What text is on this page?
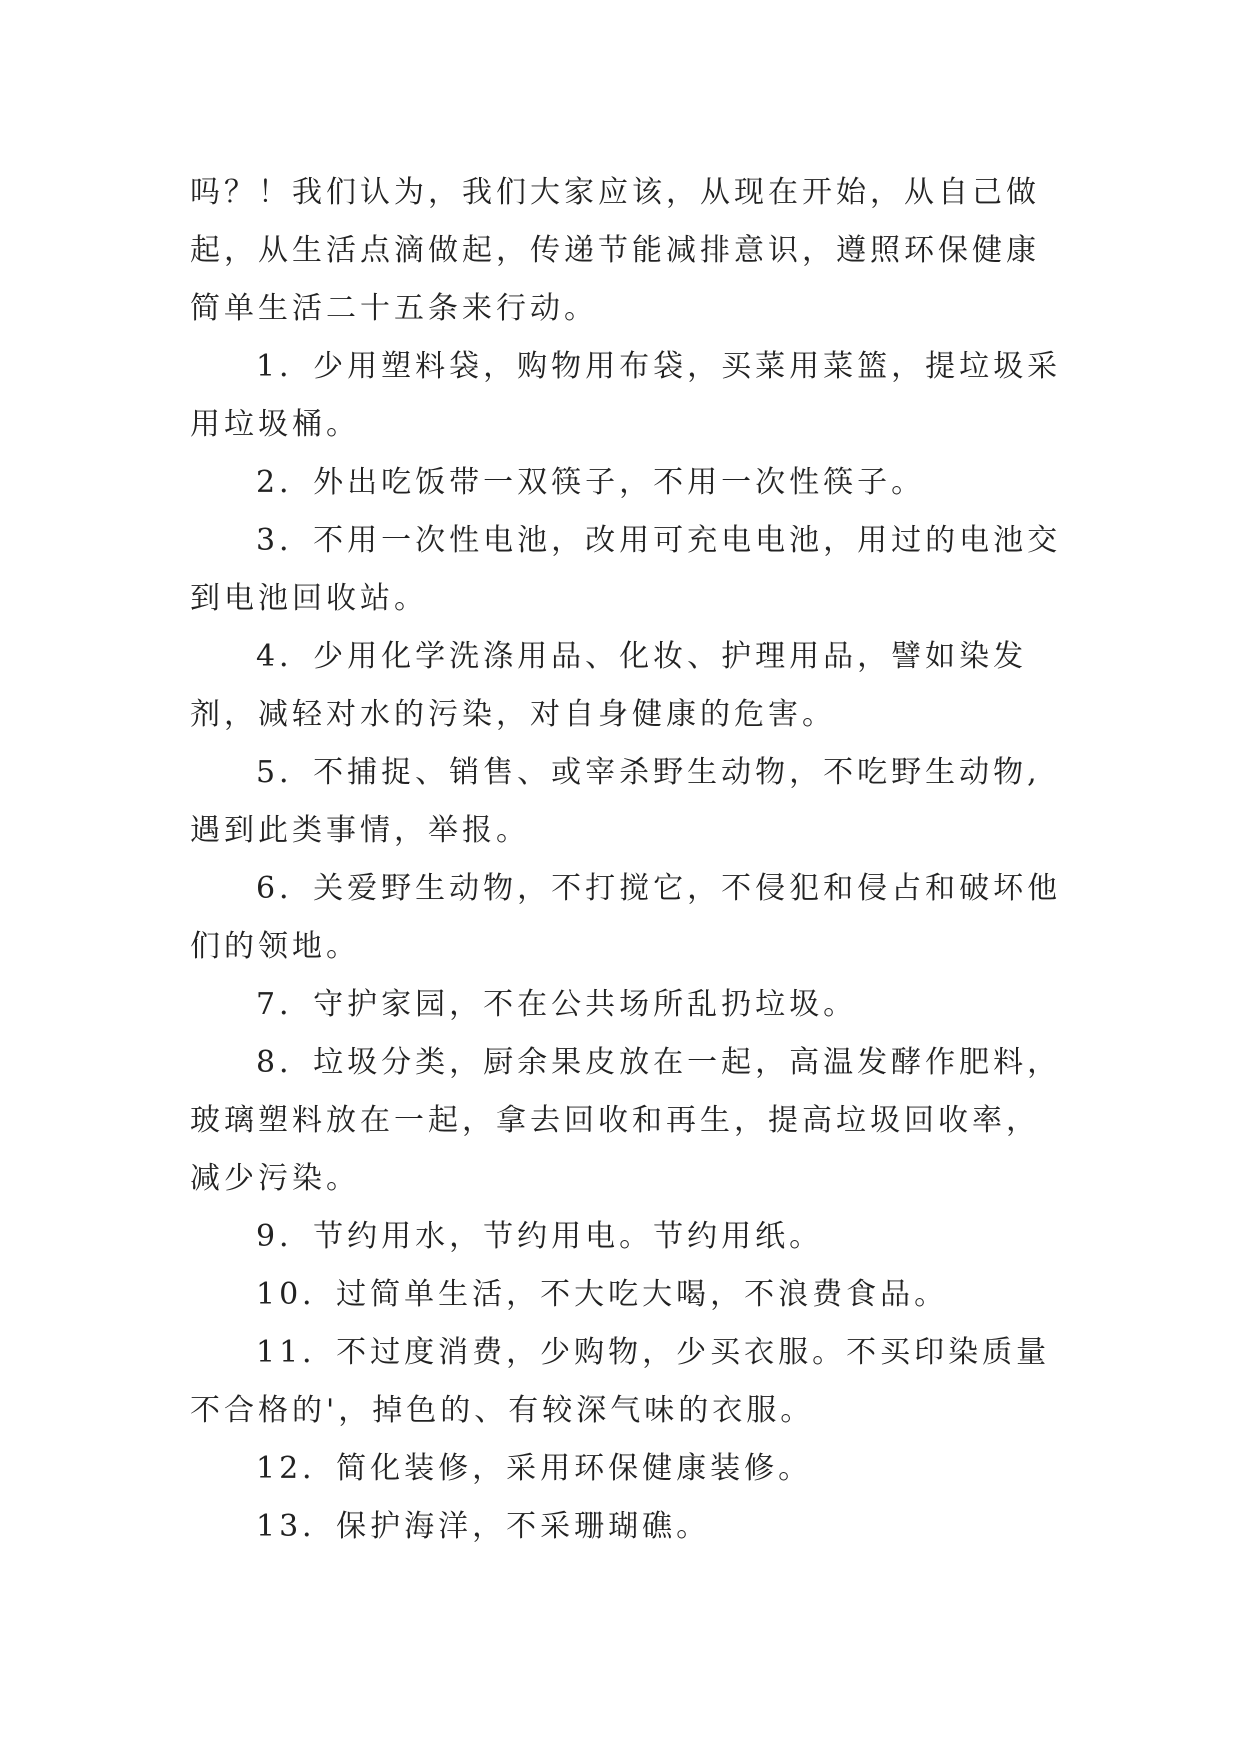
吗？！我们认为，我们大家应该，从现在开始，从自己做起，从生活点滴做起，传递节能减排意识，遵照环保健康简单生活二十五条来行动。

1．少用塑料袋，购物用布袋，买菜用菜篮，提垃圾采用垃圾桶。

2．外出吃饭带一双筷子，不用一次性筷子。

3．不用一次性电池，改用可充电电池，用过的电池交到电池回收站。

4．少用化学洗涤用品、化妆、护理用品，譬如染发剂，减轻对水的污染，对自身健康的危害。

5．不捕捉、销售、或宰杀野生动物，不吃野生动物,遇到此类事情，举报。

6．关爱野生动物，不打搅它，不侵犯和侵占和破坏他们的领地。

7．守护家园，不在公共场所乱扔垃圾。

8．垃圾分类，厨余果皮放在一起，高温发酵作肥料，玻璃塑料放在一起，拿去回收和再生，提高垃圾回收率，减少污染。

9．节约用水，节约用电。节约用纸。

10．过简单生活，不大吃大喝，不浪费食品。

11．不过度消费，少购物，少买衣服。不买印染质量不合格的'，掉色的、有较深气味的衣服。

12．简化装修，采用环保健康装修。

13．保护海洋，不采珊瑚礁。
